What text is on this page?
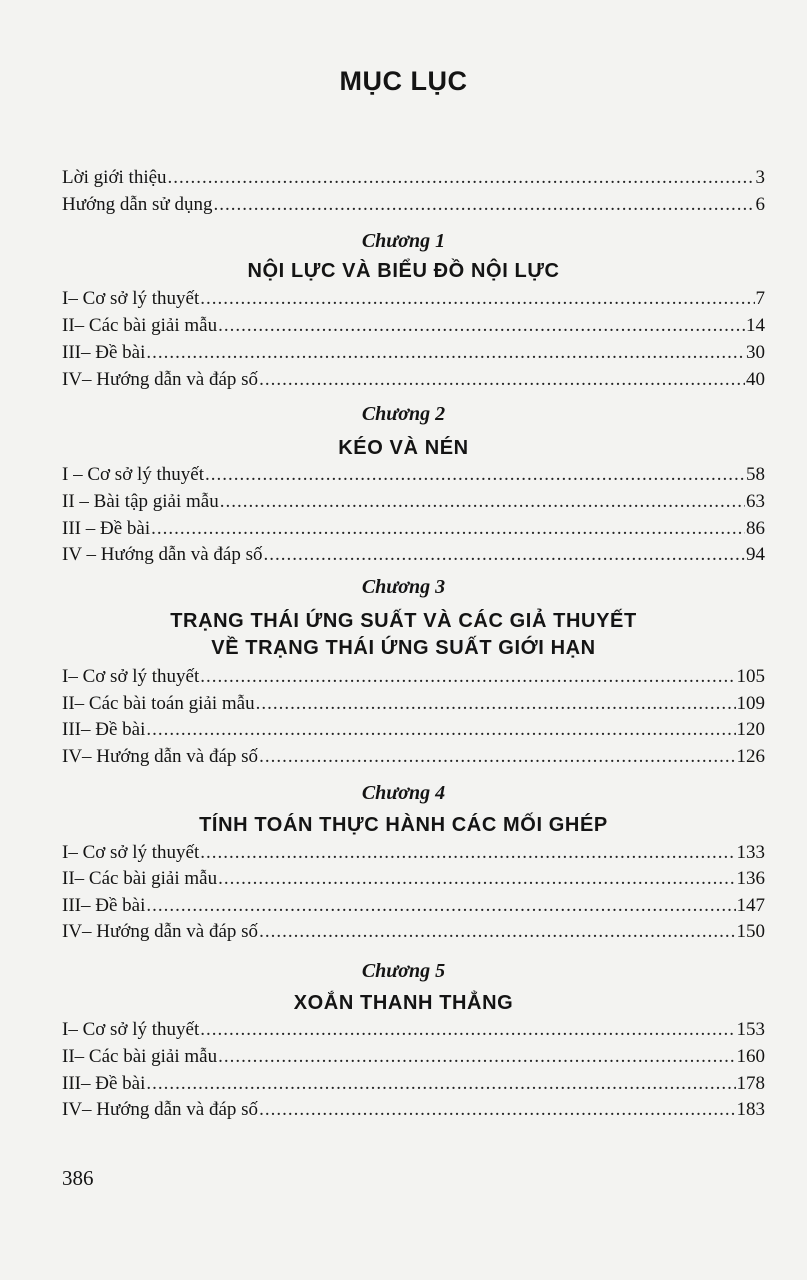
MỤC LỤC
Lời giới thiệu .....	3
Hướng dẫn sử dụng .....	6
Chương 1
NỘI LỰC VÀ BIỂU ĐỒ NỘI LỰC
I– Cơ sở lý thuyết .....	7
II– Các bài giải mẫu .....	14
III– Đề bài .....	30
IV– Hướng dẫn và đáp số .....	40
Chương 2
KÉO VÀ NÉN
I – Cơ sở lý thuyết .....	58
II – Bài tập giải mẫu .....	63
III – Đề bài .....	86
IV – Hướng dẫn và đáp số .....	94
Chương 3
TRẠNG THÁI ỨNG SUẤT VÀ CÁC GIẢ THUYẾT
VỀ TRẠNG THÁI ỨNG SUẤT GIỚI HẠN
I– Cơ sở lý thuyết .....	105
II– Các bài toán giải mẫu .....	109
III– Đề bài .....	120
IV– Hướng dẫn và đáp số .....	126
Chương 4
TÍNH TOÁN THỰC HÀNH CÁC MỐI GHÉP
I– Cơ sở lý thuyết .....	133
II– Các bài giải mẫu .....	136
III– Đề bài .....	147
IV– Hướng dẫn và đáp số .....	150
Chương 5
XOẮN THANH THẲNG
I– Cơ sở lý thuyết .....	153
II– Các bài giải mẫu .....	160
III– Đề bài .....	178
IV– Hướng dẫn và đáp số .....	183
386
